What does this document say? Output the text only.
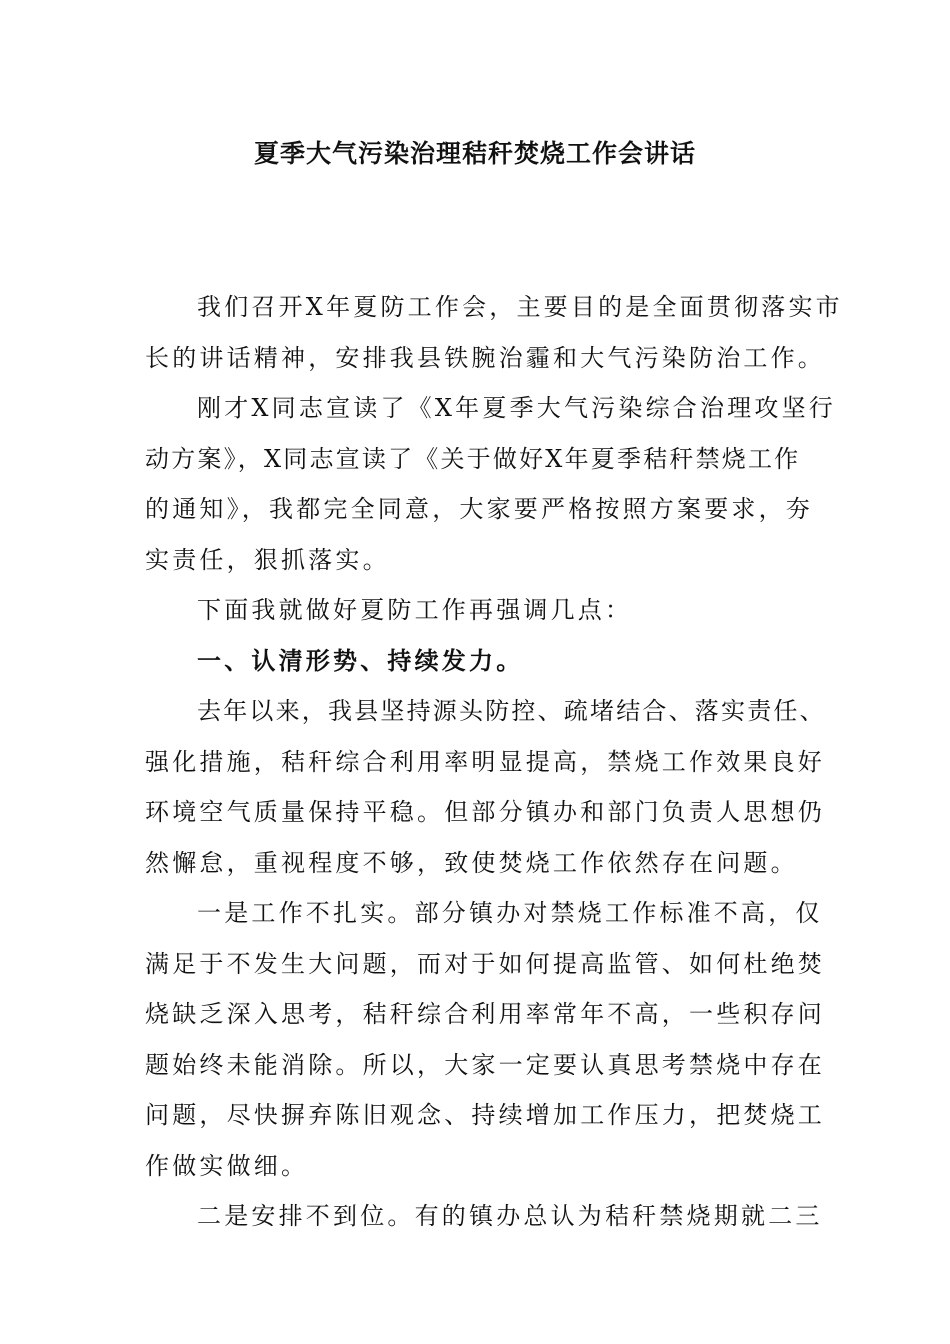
夏季大气污染治理秸秆焚烧工作会讲话
我们召开X年夏防工作会，主要目的是全面贯彻落实市
长的讲话精神，安排我县铁腕治霾和大气污染防治工作。
刚才X同志宣读了《X年夏季大气污染综合治理攻坚行
动方案》，X同志宣读了《关于做好X年夏季秸秆禁烧工作
的通知》，我都完全同意，大家要严格按照方案要求，夯
实责任，狠抓落实。
下面我就做好夏防工作再强调几点：
一、认清形势、持续发力。
去年以来，我县坚持源头防控、疏堵结合、落实责任、
强化措施，秸秆综合利用率明显提高，禁烧工作效果良好
环境空气质量保持平稳。但部分镇办和部门负责人思想仍
然懈怠，重视程度不够，致使焚烧工作依然存在问题。
一是工作不扎实。部分镇办对禁烧工作标准不高，仅
满足于不发生大问题，而对于如何提高监管、如何杜绝焚
烧缺乏深入思考，秸秆综合利用率常年不高，一些积存问
题始终未能消除。所以，大家一定要认真思考禁烧中存在
问题，尽快摒弃陈旧观念、持续增加工作压力，把焚烧工
作做实做细。
二是安排不到位。有的镇办总认为秸秆禁烧期就二三
